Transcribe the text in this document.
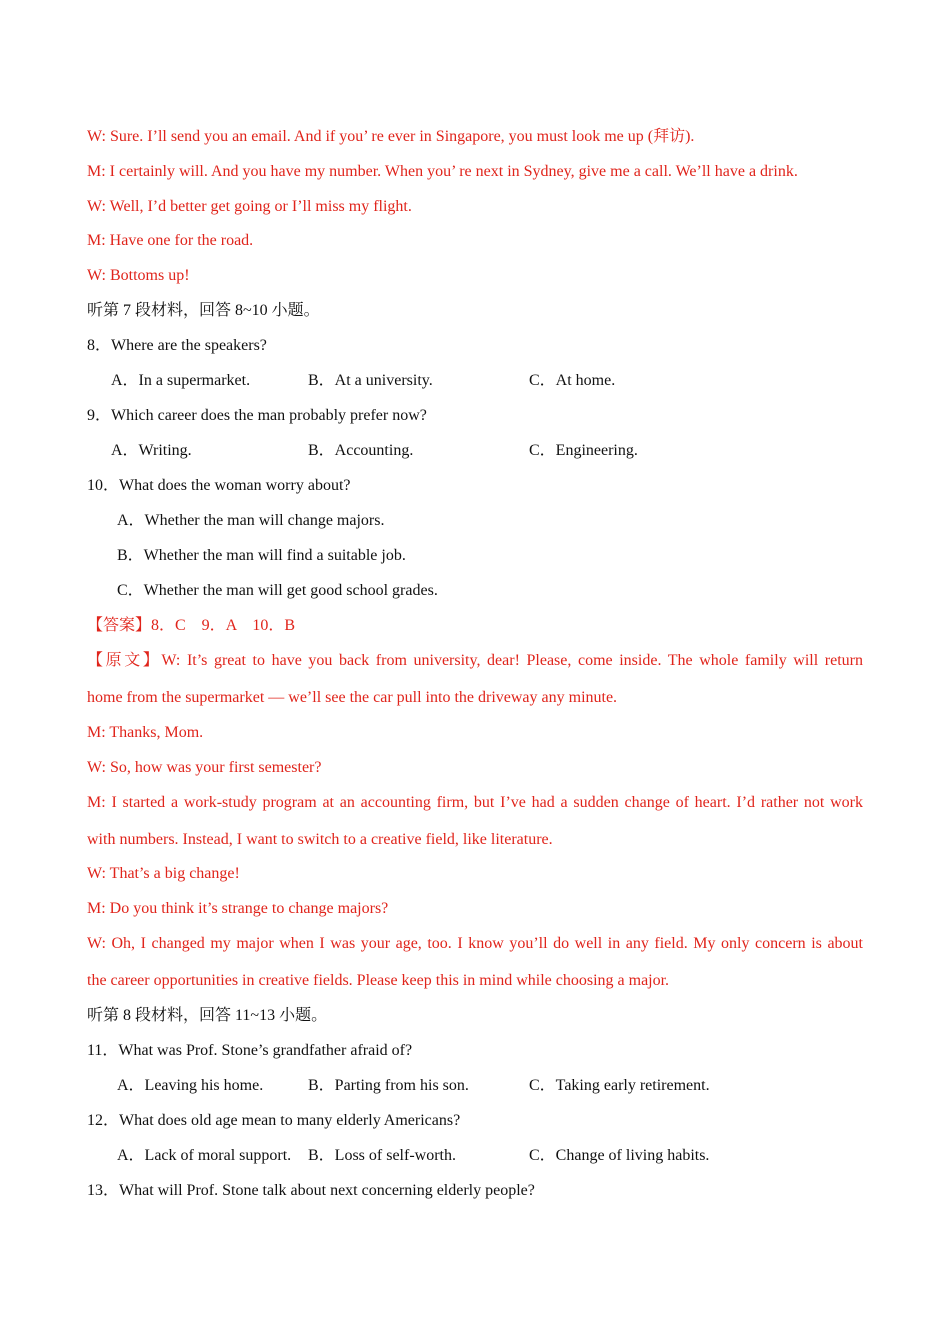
W: Sure. I’ll send you an email. And if you’ re ever in Singapore, you must look me up (拜访).
M: I certainly will. And you have my number. When you’ re next in Sydney, give me a call. We’ll have a drink.
W: Well, I’d better get going or I’ll miss my flight.
M: Have one for the road.
W: Bottoms up!
听第 7 段材料，回答 8~10 小题。
8．Where are the speakers?
A．In a supermarket.	B．At a university.	C．At home.
9．Which career does the man probably prefer now?
A．Writing.	B．Accounting.	C．Engineering.
10．What does the woman worry about?
A．Whether the man will change majors.
B．Whether the man will find a suitable job.
C．Whether the man will get good school grades.
【答案】8．C　9．A　10．B
【原文】W: It’s great to have you back from university, dear! Please, come inside. The whole family will return
home from the supermarket — we’ll see the car pull into the driveway any minute.
M: Thanks, Mom.
W: So, how was your first semester?
M: I started a work-study program at an accounting firm, but I’ve had a sudden change of heart. I’d rather not work
with numbers. Instead, I want to switch to a creative field, like literature.
W: That’s a big change!
M: Do you think it’s strange to change majors?
W: Oh, I changed my major when I was your age, too. I know you’ll do well in any field. My only concern is about
the career opportunities in creative fields. Please keep this in mind while choosing a major.
听第 8 段材料，回答 11~13 小题。
11．What was Prof. Stone’s grandfather afraid of?
A．Leaving his home.	B．Parting from his son.	C．Taking early retirement.
12．What does old age mean to many elderly Americans?
A．Lack of moral support. B．Loss of self-worth.	C．Change of living habits.
13．What will Prof. Stone talk about next concerning elderly people?
